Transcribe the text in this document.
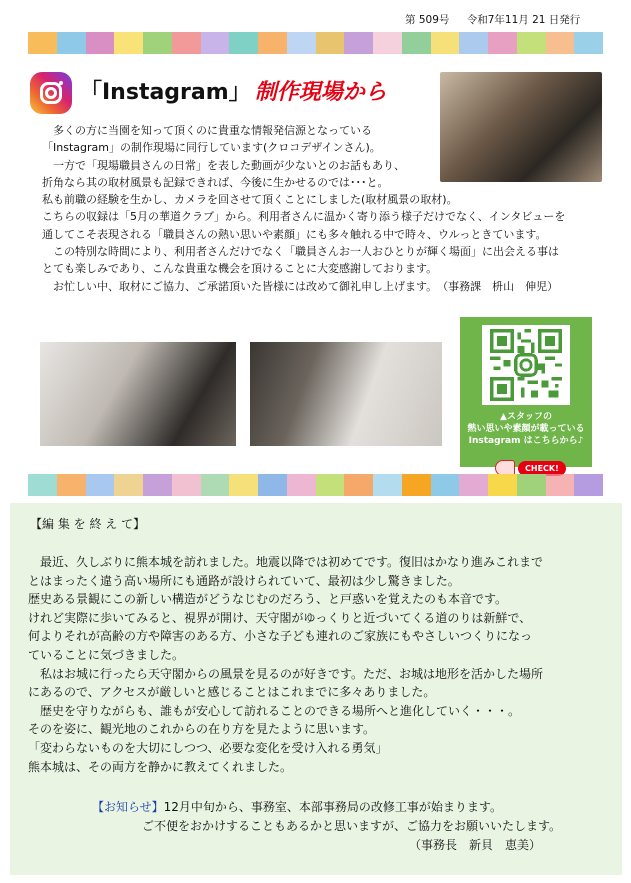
第 509号 令和7年11月 21 日発行
「Instagram」 制作現場から

　多くの方に当園を知って頂くのに貴重な情報発信源となっている

「Instagram」の制作現場に同行しています(クロコデザインさん)。

　一方で「現場職員さんの日常」を表した動画が少ないとのお話もあり、

折角なら其の取材風景も記録できれば、今後に生かせるのでは･･･と。

私も前職の経験を生かし、カメラを回させて頂くことにしました(取材風景の取材)。

こちらの収録は「5月の華道クラブ」から。利用者さんに温かく寄り添う様子だけでなく、インタビューを

通してこそ表現される「職員さんの熱い思いや素顔」にも多々触れる中で時々、ウルっときています。

　この特別な時間により、利用者さんだけでなく「職員さんお一人おひとりが輝く場面」に出会える事は

とても楽しみであり、こんな貴重な機会を頂けることに大変感謝しております。

　お忙しい中、取材にご協力、ご承諾頂いた皆様には改めて御礼申し上げます。　（事務課　枡山　伸児）

▲スタッフの
熱い思いや素顔が載っている
Instagram はこちらから♪
CHECK!
【編 集 を 終 え て】

　最近、久しぶりに熊本城を訪れました。地震以降では初めてです。復旧はかなり進みこれまで

とはまったく違う高い場所にも通路が設けられていて、最初は少し驚きました。

歴史ある景観にこの新しい構造がどうなじむのだろう、と戸惑いを覚えたのも本音です。

けれど実際に歩いてみると、視界が開け、天守閣がゆっくりと近づいてくる道のりは新鮮で、

何よりそれが高齢の方や障害のある方、小さな子ども連れのご家族にもやさしいつくりになっ

ていることに気づきました。

　私はお城に行ったら天守閣からの風景を見るのが好きです。ただ、お城は地形を活かした場所

にあるので、アクセスが厳しいと感じることはこれまでに多々ありました。

　歴史を守りながらも、誰もが安心して訪れることのできる場所へと進化していく・・・。

そのを姿に、観光地のこれからの在り方を見たように思います。

「変わらないものを大切にしつつ、必要な変化を受け入れる勇気」

熊本城は、その両方を静かに教えてくれました。

【お知らせ】12月中旬から、事務室、本部事務局の改修工事が始まります。
ご不便をおかけすることもあるかと思いますが、ご協力をお願いいたします。
（事務長　新貝　恵美）
